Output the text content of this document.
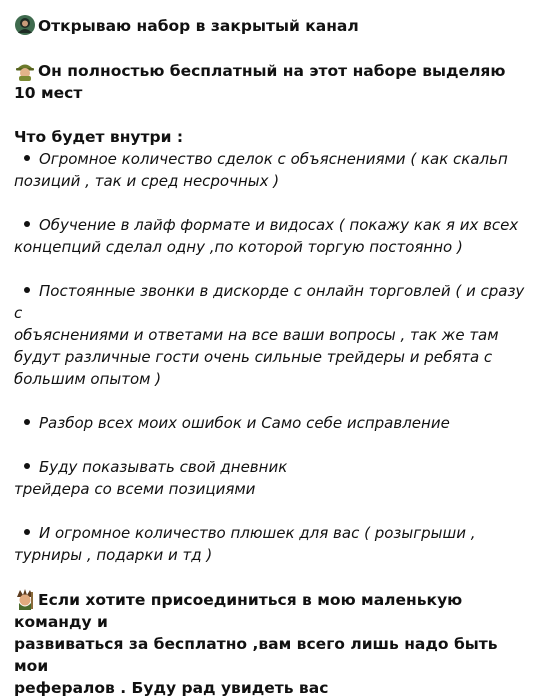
Открываю набор в закрытый канал
Он полностью бесплатный на этот наборе выделяю 10 мест
Что будет внутри :
Огромное количество сделок с объяснениями ( как скальп
позиций , так и сред несрочных )
Обучение в лайф формате и видосах ( покажу как я их всех
концепций сделал одну ,по которой торгую постоянно )
Постоянные звонки в дискорде с онлайн торговлей ( и сразу с
объяснениями и ответами на все ваши вопросы , так же там
будут различные гости очень сильные трейдеры и ребята с
большим опытом )
Разбор всех моих ошибок и Само себе исправление
Буду показывать свой дневник
трейдера со всеми позициями
И огромное количество плюшек для вас ( розыгрыши ,
турниры , подарки и тд )
Если хотите присоединиться в мою маленькую команду и
развиваться за бесплатно ,вам всего лишь надо быть мои
рефералов . Буду рад увидеть вас
